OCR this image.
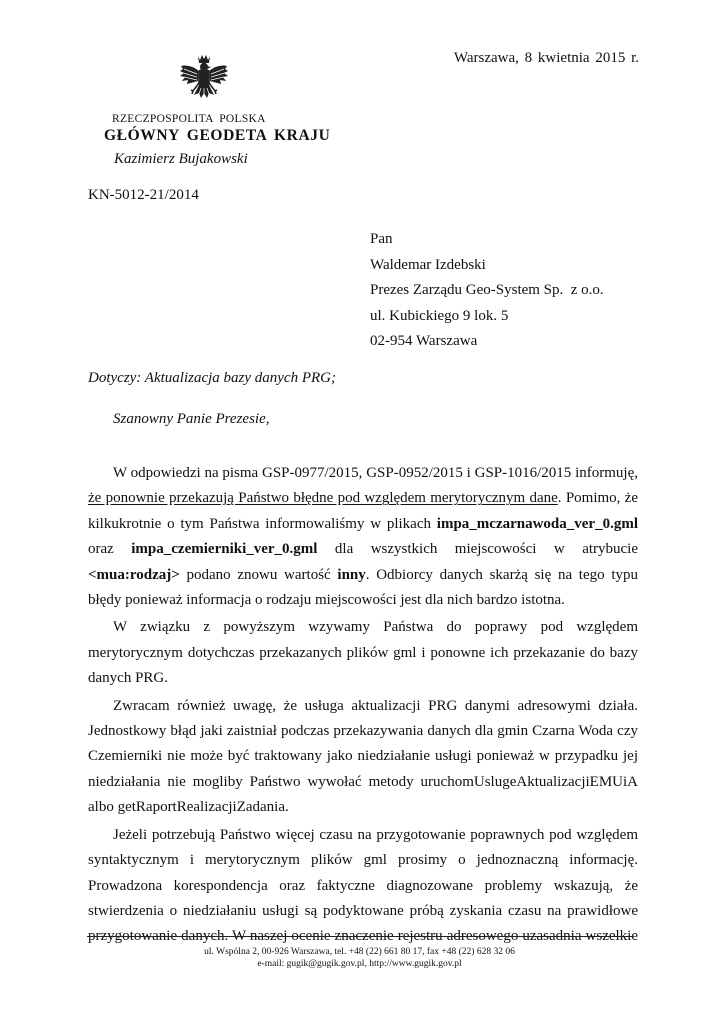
Warszawa, 8 kwietnia 2015 r.
RZECZPOSPOLITA POLSKA
GŁÓWNY GEODETA KRAJU
Kazimierz Bujakowski
KN-5012-21/2014
Pan
Waldemar Izdebski
Prezes Zarządu Geo-System Sp.  z o.o.
ul. Kubickiego 9 lok. 5
02-954 Warszawa
Dotyczy: Aktualizacja bazy danych PRG;
Szanowny Panie Prezesie,

W odpowiedzi na pisma GSP-0977/2015, GSP-0952/2015 i GSP-1016/2015 informuję, że ponownie przekazują Państwo błędne pod względem merytorycznym dane. Pomimo, że kilkukrotnie o tym Państwa informowaliśmy w plikach impa_mczarnawoda_ver_0.gml oraz impa_czemierniki_ver_0.gml dla wszystkich miejscowości w atrybucie <mua:rodzaj> podano znowu wartość inny. Odbiorcy danych skarżą się na tego typu błędy ponieważ informacja o rodzaju miejscowości jest dla nich bardzo istotna.

W związku z powyższym wzywamy Państwa do poprawy pod względem merytorycznym dotychczas przekazanych plików gml i ponowne ich przekazanie do bazy danych PRG.

Zwracam również uwagę, że usługa aktualizacji PRG danymi adresowymi działa. Jednostkowy błąd jaki zaistniał podczas przekazywania danych dla gmin Czarna Woda czy Czemierniki nie może być traktowany jako niedziałanie usługi ponieważ w przypadku jej niedziałania nie mogliby Państwo wywołać metody uruchomUslugeAktualizacjiEMUiA albo getRaportRealizacjiZadania.

Jeżeli potrzebują Państwo więcej czasu na przygotowanie poprawnych pod względem syntaktycznym i merytorycznym plików gml prosimy o jednoznaczną informację. Prowadzona korespondencja oraz faktyczne diagnozowane problemy wskazują, że stwierdzenia o niedziałaniu usługi są podyktowane próbą zyskania czasu na prawidłowe przygotowanie danych. W naszej ocenie znaczenie rejestru adresowego uzasadnia wszelkie

ul. Wspólna 2, 00-926 Warszawa, tel. +48 (22) 661 80 17, fax +48 (22) 628 32 06
e-mail: gugik@gugik.gov.pl, http://www.gugik.gov.pl
